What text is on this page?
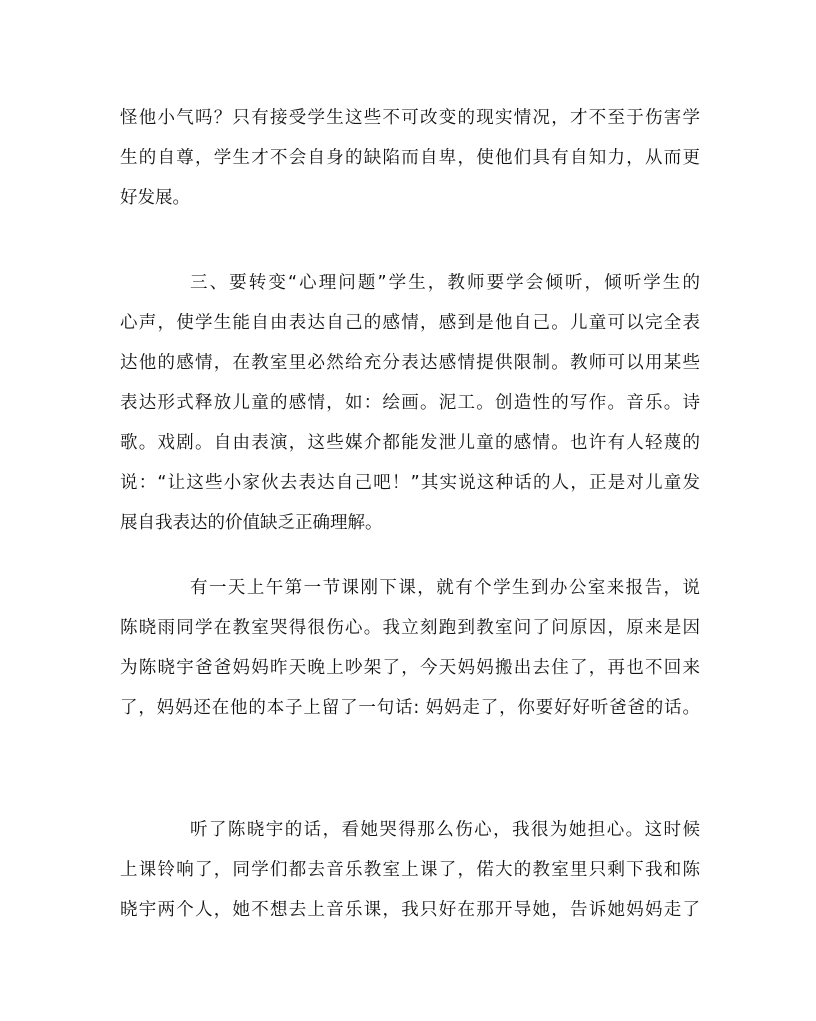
怪他小气吗？只有接受学生这些不可改变的现实情况，才不至于伤害学
生的自尊，学生才不会自身的缺陷而自卑，使他们具有自知力，从而更
好发展。
三、要转变“心理问题”学生，教师要学会倾听，倾听学生的
心声，使学生能自由表达自己的感情，感到是他自己。儿童可以完全表
达他的感情，在教室里必然给充分表达感情提供限制。教师可以用某些
表达形式释放儿童的感情，如：绘画。泥工。创造性的写作。音乐。诗
歌。戏剧。自由表演，这些媒介都能发泄儿童的感情。也许有人轻蔑的
说：“让这些小家伙去表达自己吧！”其实说这种话的人，正是对儿童发
展自我表达的价值缺乏正确理解。
有一天上午第一节课刚下课，就有个学生到办公室来报告，说
陈晓雨同学在教室哭得很伤心。我立刻跑到教室问了问原因，原来是因
为陈晓宇爸爸妈妈昨天晚上吵架了，今天妈妈搬出去住了，再也不回来
了，妈妈还在他的本子上留了一句话: 妈妈走了，你要好好听爸爸的话。
听了陈晓宇的话，看她哭得那么伤心，我很为她担心。这时候
上课铃响了，同学们都去音乐教室上课了，偌大的教室里只剩下我和陈
晓宇两个人，她不想去上音乐课，我只好在那开导她，告诉她妈妈走了
